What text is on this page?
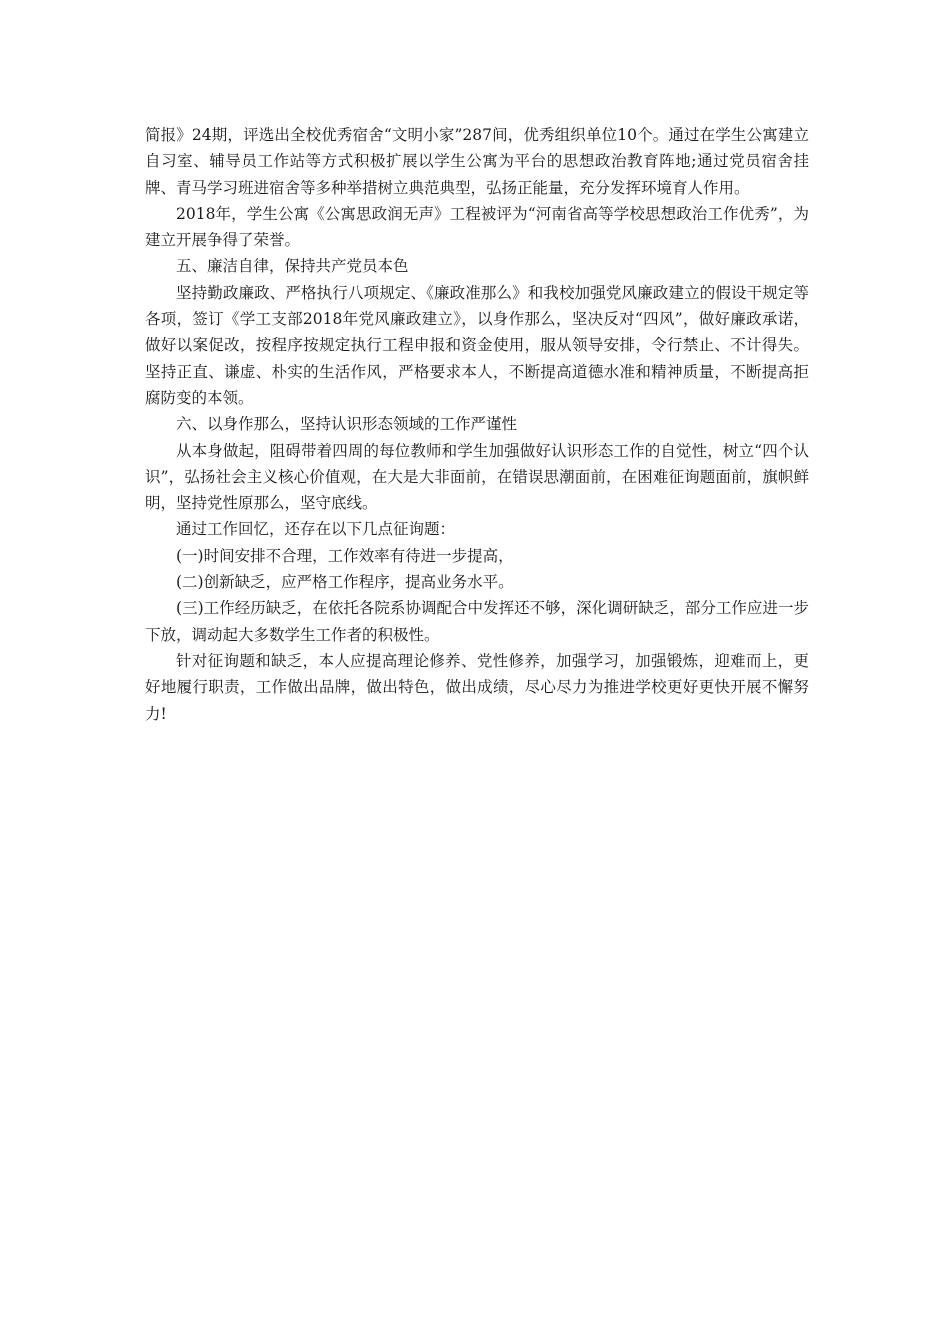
简报》24期，评选出全校优秀宿舍“文明小家”287间，优秀组织单位10个。通过在学生公寓建立自习室、辅导员工作站等方式积极扩展以学生公寓为平台的思想政治教育阵地;通过党员宿舍挂牌、青马学习班进宿舍等多种举措树立典范典型，弘扬正能量，充分发挥环境育人作用。

2018年，学生公寓《公寓思政润无声》工程被评为“河南省高等学校思想政治工作优秀”，为建立开展争得了荣誉。

五、廉洁自律，保持共产党员本色

坚持勤政廉政、严格执行八项规定、《廉政准那么》和我校加强党风廉政建立的假设干规定等各项，签订《学工支部2018年党风廉政建立》，以身作那么，坚决反对“四风”，做好廉政承诺，做好以案促改，按程序按规定执行工程申报和资金使用，服从领导安排，令行禁止、不计得失。坚持正直、谦虚、朴实的生活作风，严格要求本人，不断提高道德水准和精神质量，不断提高拒腐防变的本领。

六、以身作那么，坚持认识形态领域的工作严谨性

从本身做起，阻碍带着四周的每位教师和学生加强做好认识形态工作的自觉性，树立“四个认识”，弘扬社会主义核心价值观，在大是大非面前，在错误思潮面前，在困难征询题面前，旗帜鲜明，坚持党性原那么，坚守底线。

通过工作回忆，还存在以下几点征询题：

(一)时间安排不合理，工作效率有待进一步提高，

(二)创新缺乏，应严格工作程序，提高业务水平。

(三)工作经历缺乏，在依托各院系协调配合中发挥还不够，深化调研缺乏，部分工作应进一步下放，调动起大多数学生工作者的积极性。

针对征询题和缺乏，本人应提高理论修养、党性修养，加强学习，加强锻炼，迎难而上，更好地履行职责，工作做出品牌，做出特色，做出成绩，尽心尽力为推进学校更好更快开展不懈努力!
